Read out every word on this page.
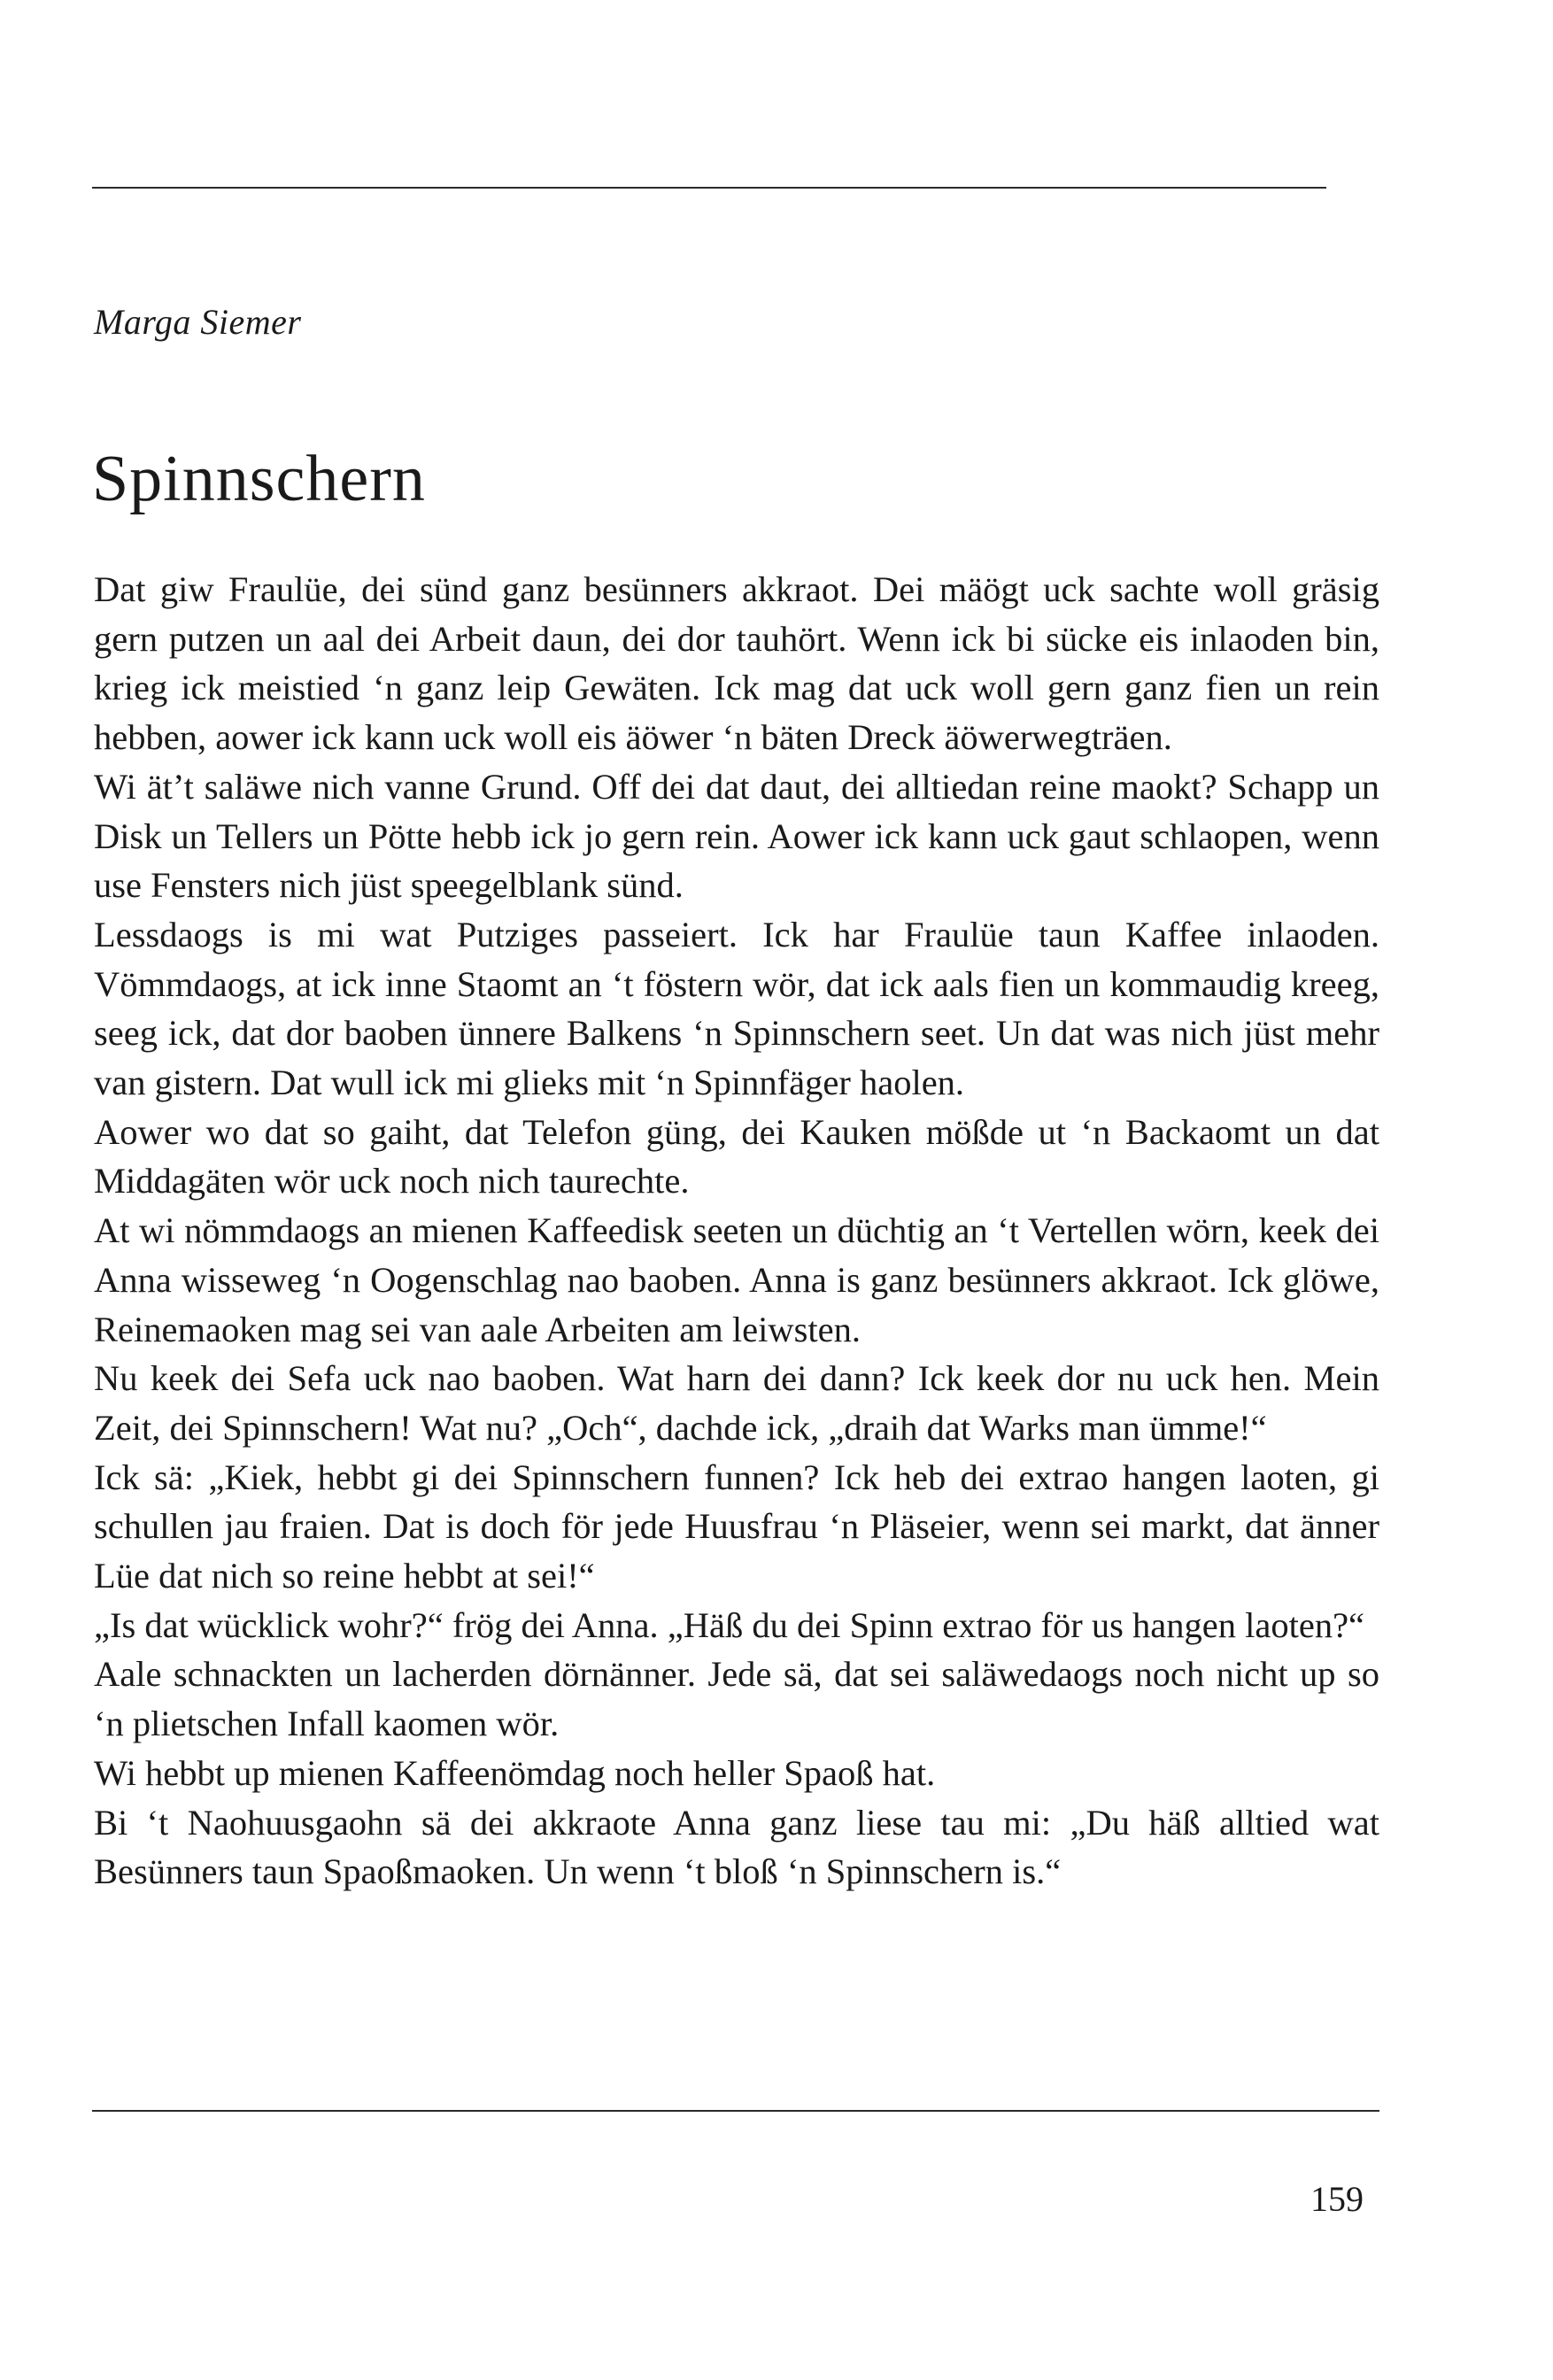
Marga Siemer
Spinnschern

Dat giw Fraulüe, dei sünd ganz besünners akkraot. Dei mäögt uck sachte woll gräsig gern putzen un aal dei Arbeit daun, dei dor tauhört. Wenn ick bi sücke eis inlaoden bin, krieg ick meistied ‘n ganz leip Gewäten. Ick mag dat uck woll gern ganz fien un rein hebben, aower ick kann uck woll eis äöwer ‘n bäten Dreck äöwerwegträen.

Wi ät’t saläwe nich vanne Grund. Off dei dat daut, dei alltiedan reine maokt? Schapp un Disk un Tellers un Pötte hebb ick jo gern rein. Aower ick kann uck gaut schlaopen, wenn use Fensters nich jüst speegelblank sünd.

Lessdaogs is mi wat Putziges passeiert. Ick har Fraulüe taun Kaffee inlaoden. Vömmdaogs, at ick inne Staomt an ‘t föstern wör, dat ick aals fien un kommaudig kreeg, seeg ick, dat dor baoben ünnere Balkens ‘n Spinnschern seet. Un dat was nich jüst mehr van gistern. Dat wull ick mi glieks mit ‘n Spinnfäger haolen.

Aower wo dat so gaiht, dat Telefon güng, dei Kauken mößde ut ‘n Backaomt un dat Middagäten wör uck noch nich taurechte.

At wi nömmdaogs an mienen Kaffeedisk seeten un düchtig an ‘t Vertellen wörn, keek dei Anna wisseweg ‘n Oogenschlag nao baoben. Anna is ganz besünners akkraot. Ick glöwe, Reinemaoken mag sei van aale Arbeiten am leiwsten.

Nu keek dei Sefa uck nao baoben. Wat harn dei dann? Ick keek dor nu uck hen. Mein Zeit, dei Spinnschern! Wat nu? „Och“, dachde ick, „draih dat Warks man ümme!“

Ick sä: „Kiek, hebbt gi dei Spinnschern funnen? Ick heb dei extrao hangen laoten, gi schullen jau fraien. Dat is doch för jede Huusfrau ‘n Pläseier, wenn sei markt, dat änner Lüe dat nich so reine hebbt at sei!“

„Is dat wücklick wohr?“ frög dei Anna. „Häß du dei Spinn extrao för us hangen laoten?“

Aale schnackten un lacherden dörnänner. Jede sä, dat sei saläwedaogs noch nicht up so ‘n plietschen Infall kaomen wör.

Wi hebbt up mienen Kaffeenömdag noch heller Spaoß hat.

Bi ‘t Naohuusgaohn sä dei akkraote Anna ganz liese tau mi: „Du häß alltied wat Besünners taun Spaoßmaoken. Un wenn ‘t bloß ‘n Spinnschern is.“

159
